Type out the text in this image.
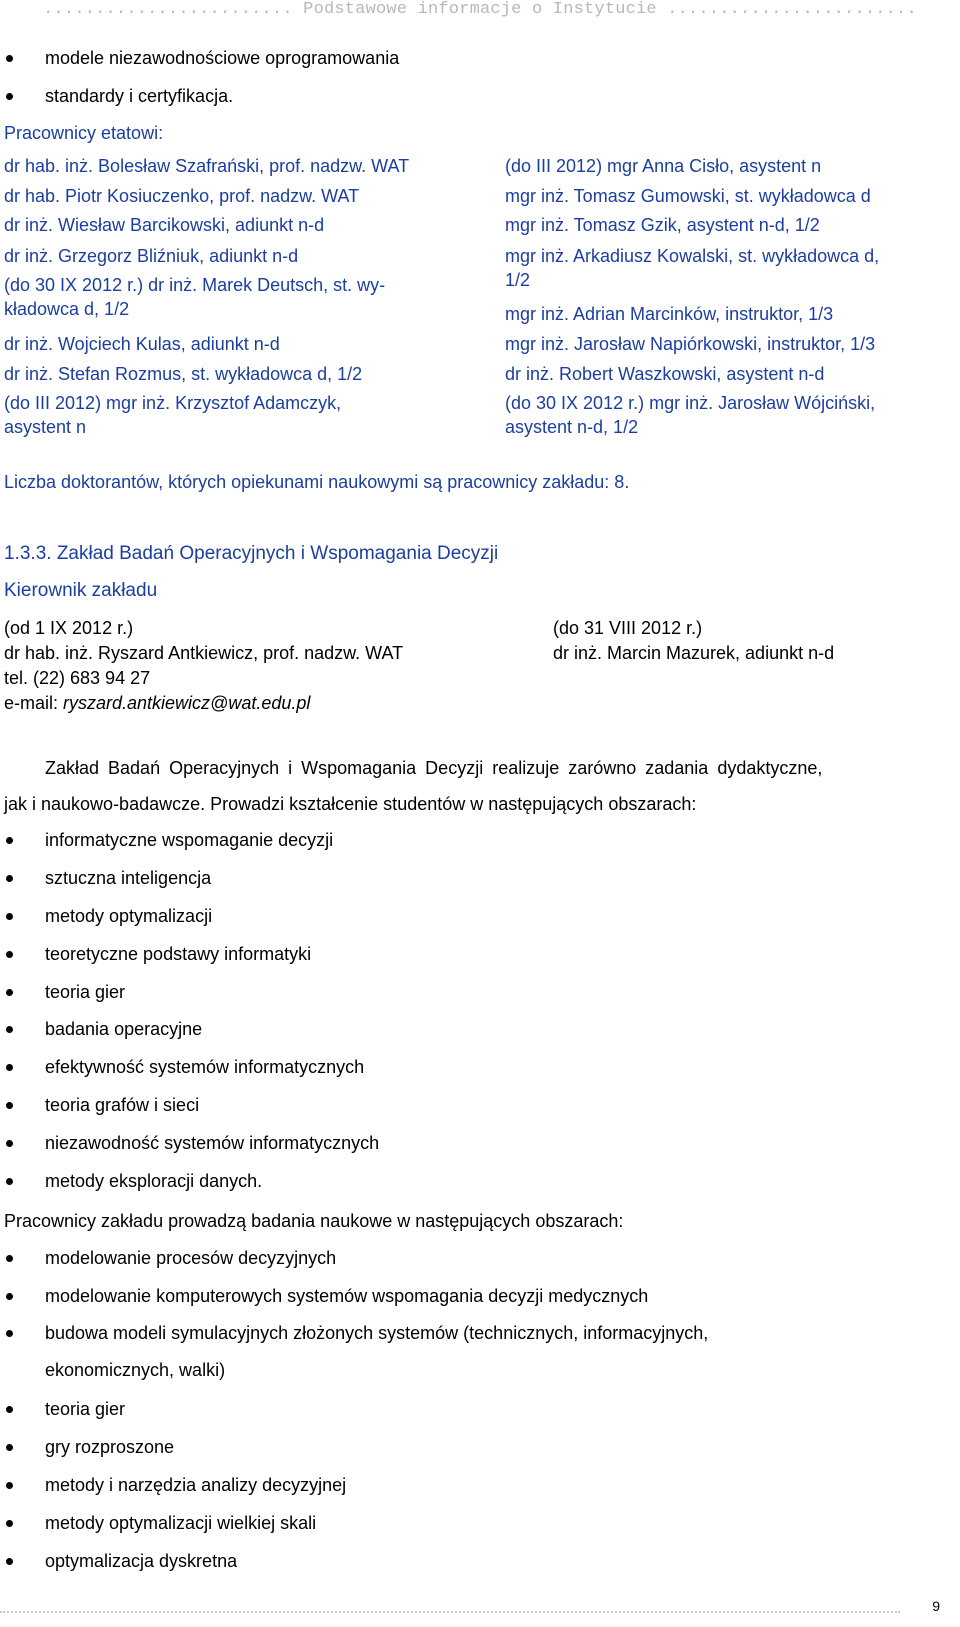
........................ Podstawowe informacje o Instytucie ........................
modele niezawodnościowe oprogramowania
standardy i certyfikacja.
Pracownicy etatowi:
dr hab. inż. Bolesław Szafrański, prof. nadzw. WAT
dr hab. Piotr Kosiuczenko, prof. nadzw. WAT
dr inż. Wiesław Barcikowski, adiunkt n-d
dr inż. Grzegorz Bliźniuk, adiunkt n-d
(do 30 IX 2012 r.) dr inż. Marek Deutsch, st. wy-
kładowca d, 1/2
dr inż. Wojciech Kulas, adiunkt n-d
dr inż. Stefan Rozmus, st. wykładowca d, 1/2
(do III 2012) mgr inż. Krzysztof Adamczyk,
asystent n
(do III 2012) mgr Anna Cisło, asystent n
mgr inż. Tomasz Gumowski, st. wykładowca d
mgr inż. Tomasz Gzik, asystent n-d, 1/2
mgr inż. Arkadiusz Kowalski, st. wykładowca d,
1/2
mgr inż. Adrian Marcinków, instruktor, 1/3
mgr inż. Jarosław Napiórkowski, instruktor, 1/3
dr inż. Robert Waszkowski, asystent n-d
(do 30 IX 2012 r.) mgr inż. Jarosław Wójciński,
asystent n-d, 1/2
Liczba doktorantów, których opiekunami naukowymi są pracownicy zakładu: 8.
1.3.3. Zakład Badań Operacyjnych i Wspomagania Decyzji
Kierownik zakładu
(od 1 IX 2012 r.)
dr hab. inż. Ryszard Antkiewicz, prof. nadzw. WAT
tel. (22) 683 94 27
e-mail: ryszard.antkiewicz@wat.edu.pl
(do 31 VIII 2012 r.)
dr inż. Marcin Mazurek, adiunkt n-d
Zakład Badań Operacyjnych i Wspomagania Decyzji realizuje zarówno zadania dydaktyczne,
jak i naukowo-badawcze. Prowadzi kształcenie studentów w następujących obszarach:
informatyczne wspomaganie decyzji
sztuczna inteligencja
metody optymalizacji
teoretyczne podstawy informatyki
teoria gier
badania operacyjne
efektywność systemów informatycznych
teoria grafów i sieci
niezawodność systemów informatycznych
metody eksploracji danych.
Pracownicy zakładu prowadzą badania naukowe w następujących obszarach:
modelowanie procesów decyzyjnych
modelowanie komputerowych systemów wspomagania decyzji medycznych
budowa modeli symulacyjnych złożonych systemów (technicznych, informacyjnych,
teoria gier
gry rozproszone
metody i narzędzia analizy decyzyjnej
metody optymalizacji wielkiej skali
optymalizacja dyskretna
ekonomicznych, walki)
9
